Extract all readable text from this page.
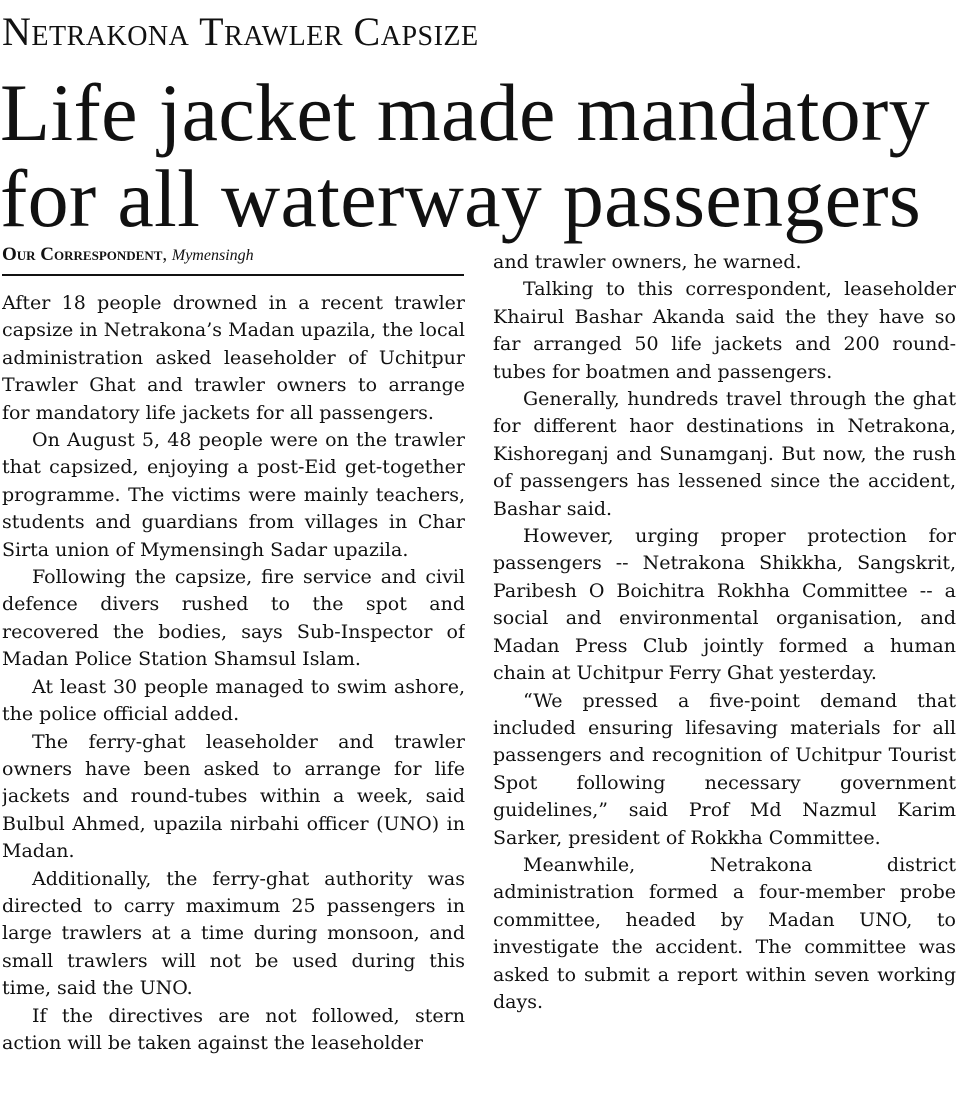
Netrakona Trawler Capsize
Life jacket made mandatory for all waterway passengers
Our Correspondent, Mymensingh

After 18 people drowned in a recent trawler capsize in Netrakona’s Madan upazila, the local administration asked leaseholder of Uchitpur Trawler Ghat and trawler owners to arrange for mandatory life jackets for all passengers.

On August 5, 48 people were on the trawler that capsized, enjoying a post-Eid get-together programme. The victims were mainly teachers, students and guardians from villages in Char Sirta union of Mymensingh Sadar upazila.

Following the capsize, fire service and civil defence divers rushed to the spot and recovered the bodies, says Sub-Inspector of Madan Police Station Shamsul Islam.

At least 30 people managed to swim ashore, the police official added.

The ferry-ghat leaseholder and trawler owners have been asked to arrange for life jackets and round-tubes within a week, said Bulbul Ahmed, upazila nirbahi officer (UNO) in Madan.

Additionally, the ferry-ghat authority was directed to carry maximum 25 passengers in large trawlers at a time during monsoon, and small trawlers will not be used during this time, said the UNO.

If the directives are not followed, stern action will be taken against the leaseholder

and trawler owners, he warned.

Talking to this correspondent, leaseholder Khairul Bashar Akanda said the they have so far arranged 50 life jackets and 200 round-tubes for boatmen and passengers.

Generally, hundreds travel through the ghat for different haor destinations in Netrakona, Kishoreganj and Sunamganj. But now, the rush of passengers has lessened since the accident, Bashar said.

However, urging proper protection for passengers -- Netrakona Shikkha, Sangskrit, Paribesh O Boichitra Rokhha Committee -- a social and environmental organisation, and Madan Press Club jointly formed a human chain at Uchitpur Ferry Ghat yesterday.

“We pressed a five-point demand that included ensuring lifesaving materials for all passengers and recognition of Uchitpur Tourist Spot following necessary government guidelines,” said Prof Md Nazmul Karim Sarker, president of Rokkha Committee.

Meanwhile, Netrakona district administration formed a four-member probe committee, headed by Madan UNO, to investigate the accident. The committee was asked to submit a report within seven working days.
